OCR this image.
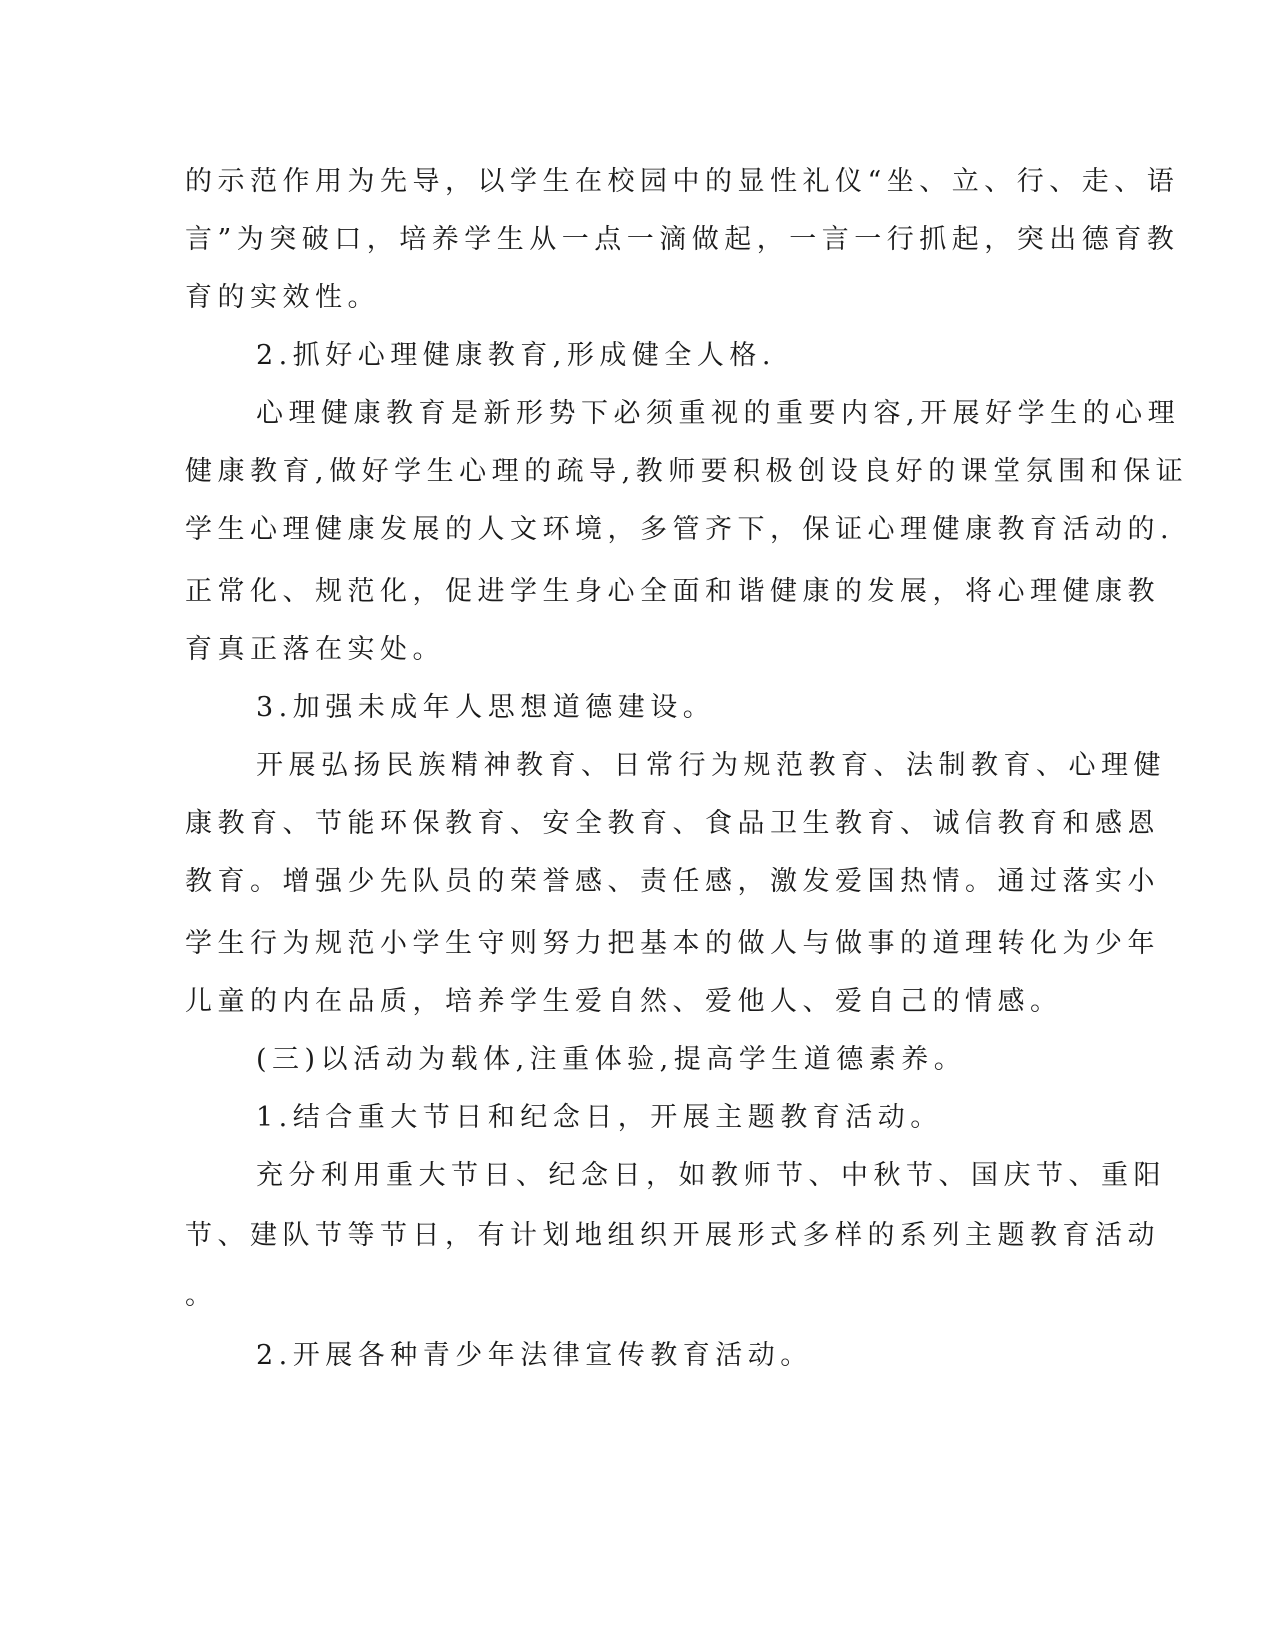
的示范作用为先导，以学生在校园中的显性礼仪“坐、立、行、走、语
言”为突破口，培养学生从一点一滴做起，一言一行抓起，突出德育教
育的实效性。
2.抓好心理健康教育,形成健全人格.
心理健康教育是新形势下必须重视的重要内容,开展好学生的心理
健康教育,做好学生心理的疏导,教师要积极创设良好的课堂氛围和保证
学生心理健康发展的人文环境，多管齐下，保证心理健康教育活动的.
正常化、规范化，促进学生身心全面和谐健康的发展，将心理健康教
育真正落在实处。
3.加强未成年人思想道德建设。
开展弘扬民族精神教育、日常行为规范教育、法制教育、心理健
康教育、节能环保教育、安全教育、食品卫生教育、诚信教育和感恩
教育。增强少先队员的荣誉感、责任感，激发爱国热情。通过落实小
学生行为规范小学生守则努力把基本的做人与做事的道理转化为少年
儿童的内在品质，培养学生爱自然、爱他人、爱自己的情感。
(三)以活动为载体,注重体验,提高学生道德素养。
1.结合重大节日和纪念日，开展主题教育活动。
充分利用重大节日、纪念日，如教师节、中秋节、国庆节、重阳
节、建队节等节日，有计划地组织开展形式多样的系列主题教育活动
。
2.开展各种青少年法律宣传教育活动。
